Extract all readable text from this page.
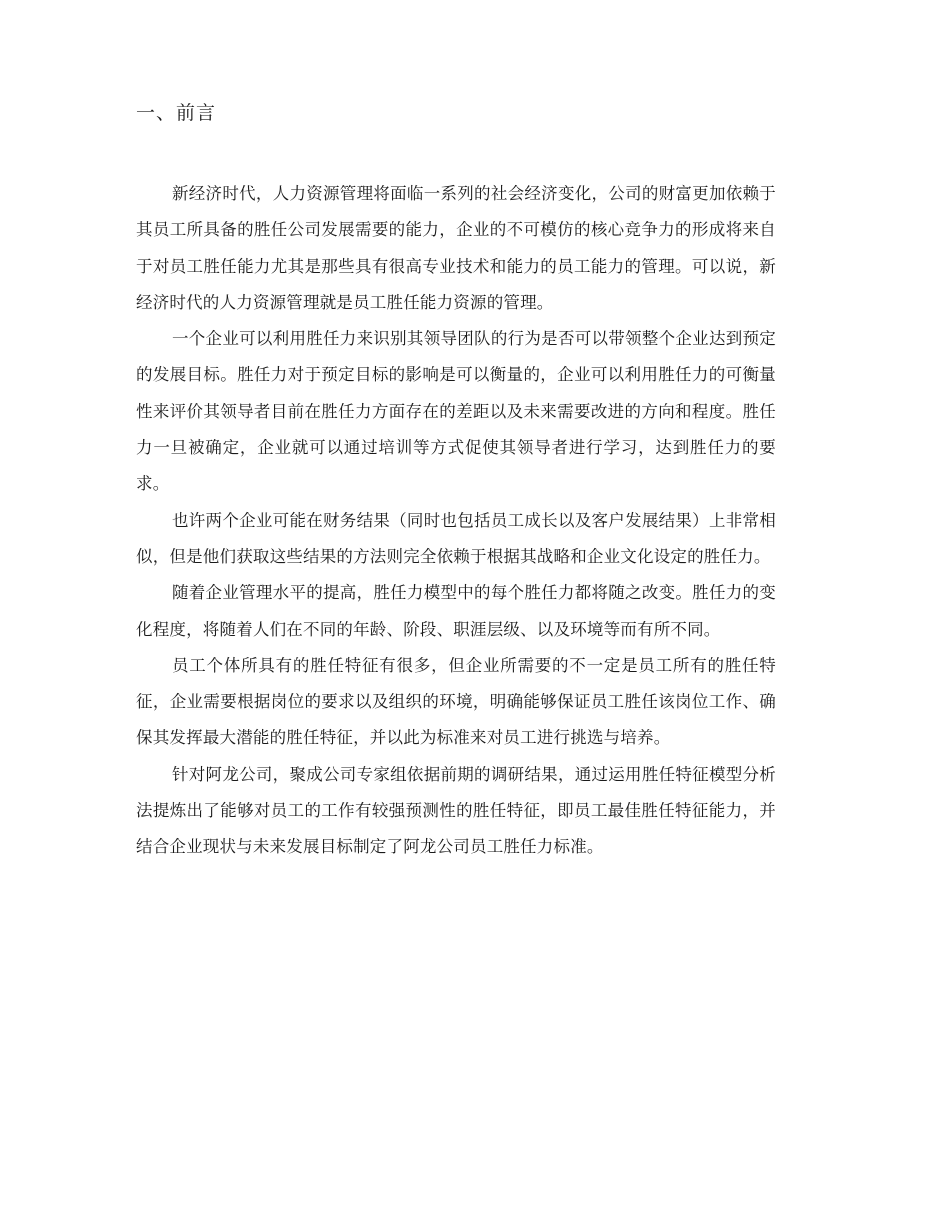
一、前言

新经济时代，人力资源管理将面临一系列的社会经济变化，公司的财富更加依赖于其员工所具备的胜任公司发展需要的能力，企业的不可模仿的核心竞争力的形成将来自于对员工胜任能力尤其是那些具有很高专业技术和能力的员工能力的管理。可以说，新经济时代的人力资源管理就是员工胜任能力资源的管理。

一个企业可以利用胜任力来识别其领导团队的行为是否可以带领整个企业达到预定的发展目标。胜任力对于预定目标的影响是可以衡量的，企业可以利用胜任力的可衡量性来评价其领导者目前在胜任力方面存在的差距以及未来需要改进的方向和程度。胜任力一旦被确定，企业就可以通过培训等方式促使其领导者进行学习，达到胜任力的要求。

也许两个企业可能在财务结果（同时也包括员工成长以及客户发展结果）上非常相似，但是他们获取这些结果的方法则完全依赖于根据其战略和企业文化设定的胜任力。

随着企业管理水平的提高，胜任力模型中的每个胜任力都将随之改变。胜任力的变化程度，将随着人们在不同的年龄、阶段、职涯层级、以及环境等而有所不同。

员工个体所具有的胜任特征有很多，但企业所需要的不一定是员工所有的胜任特征，企业需要根据岗位的要求以及组织的环境，明确能够保证员工胜任该岗位工作、确保其发挥最大潜能的胜任特征，并以此为标准来对员工进行挑选与培养。

针对阿龙公司，聚成公司专家组依据前期的调研结果，通过运用胜任特征模型分析法提炼出了能够对员工的工作有较强预测性的胜任特征，即员工最佳胜任特征能力，并结合企业现状与未来发展目标制定了阿龙公司员工胜任力标准。
